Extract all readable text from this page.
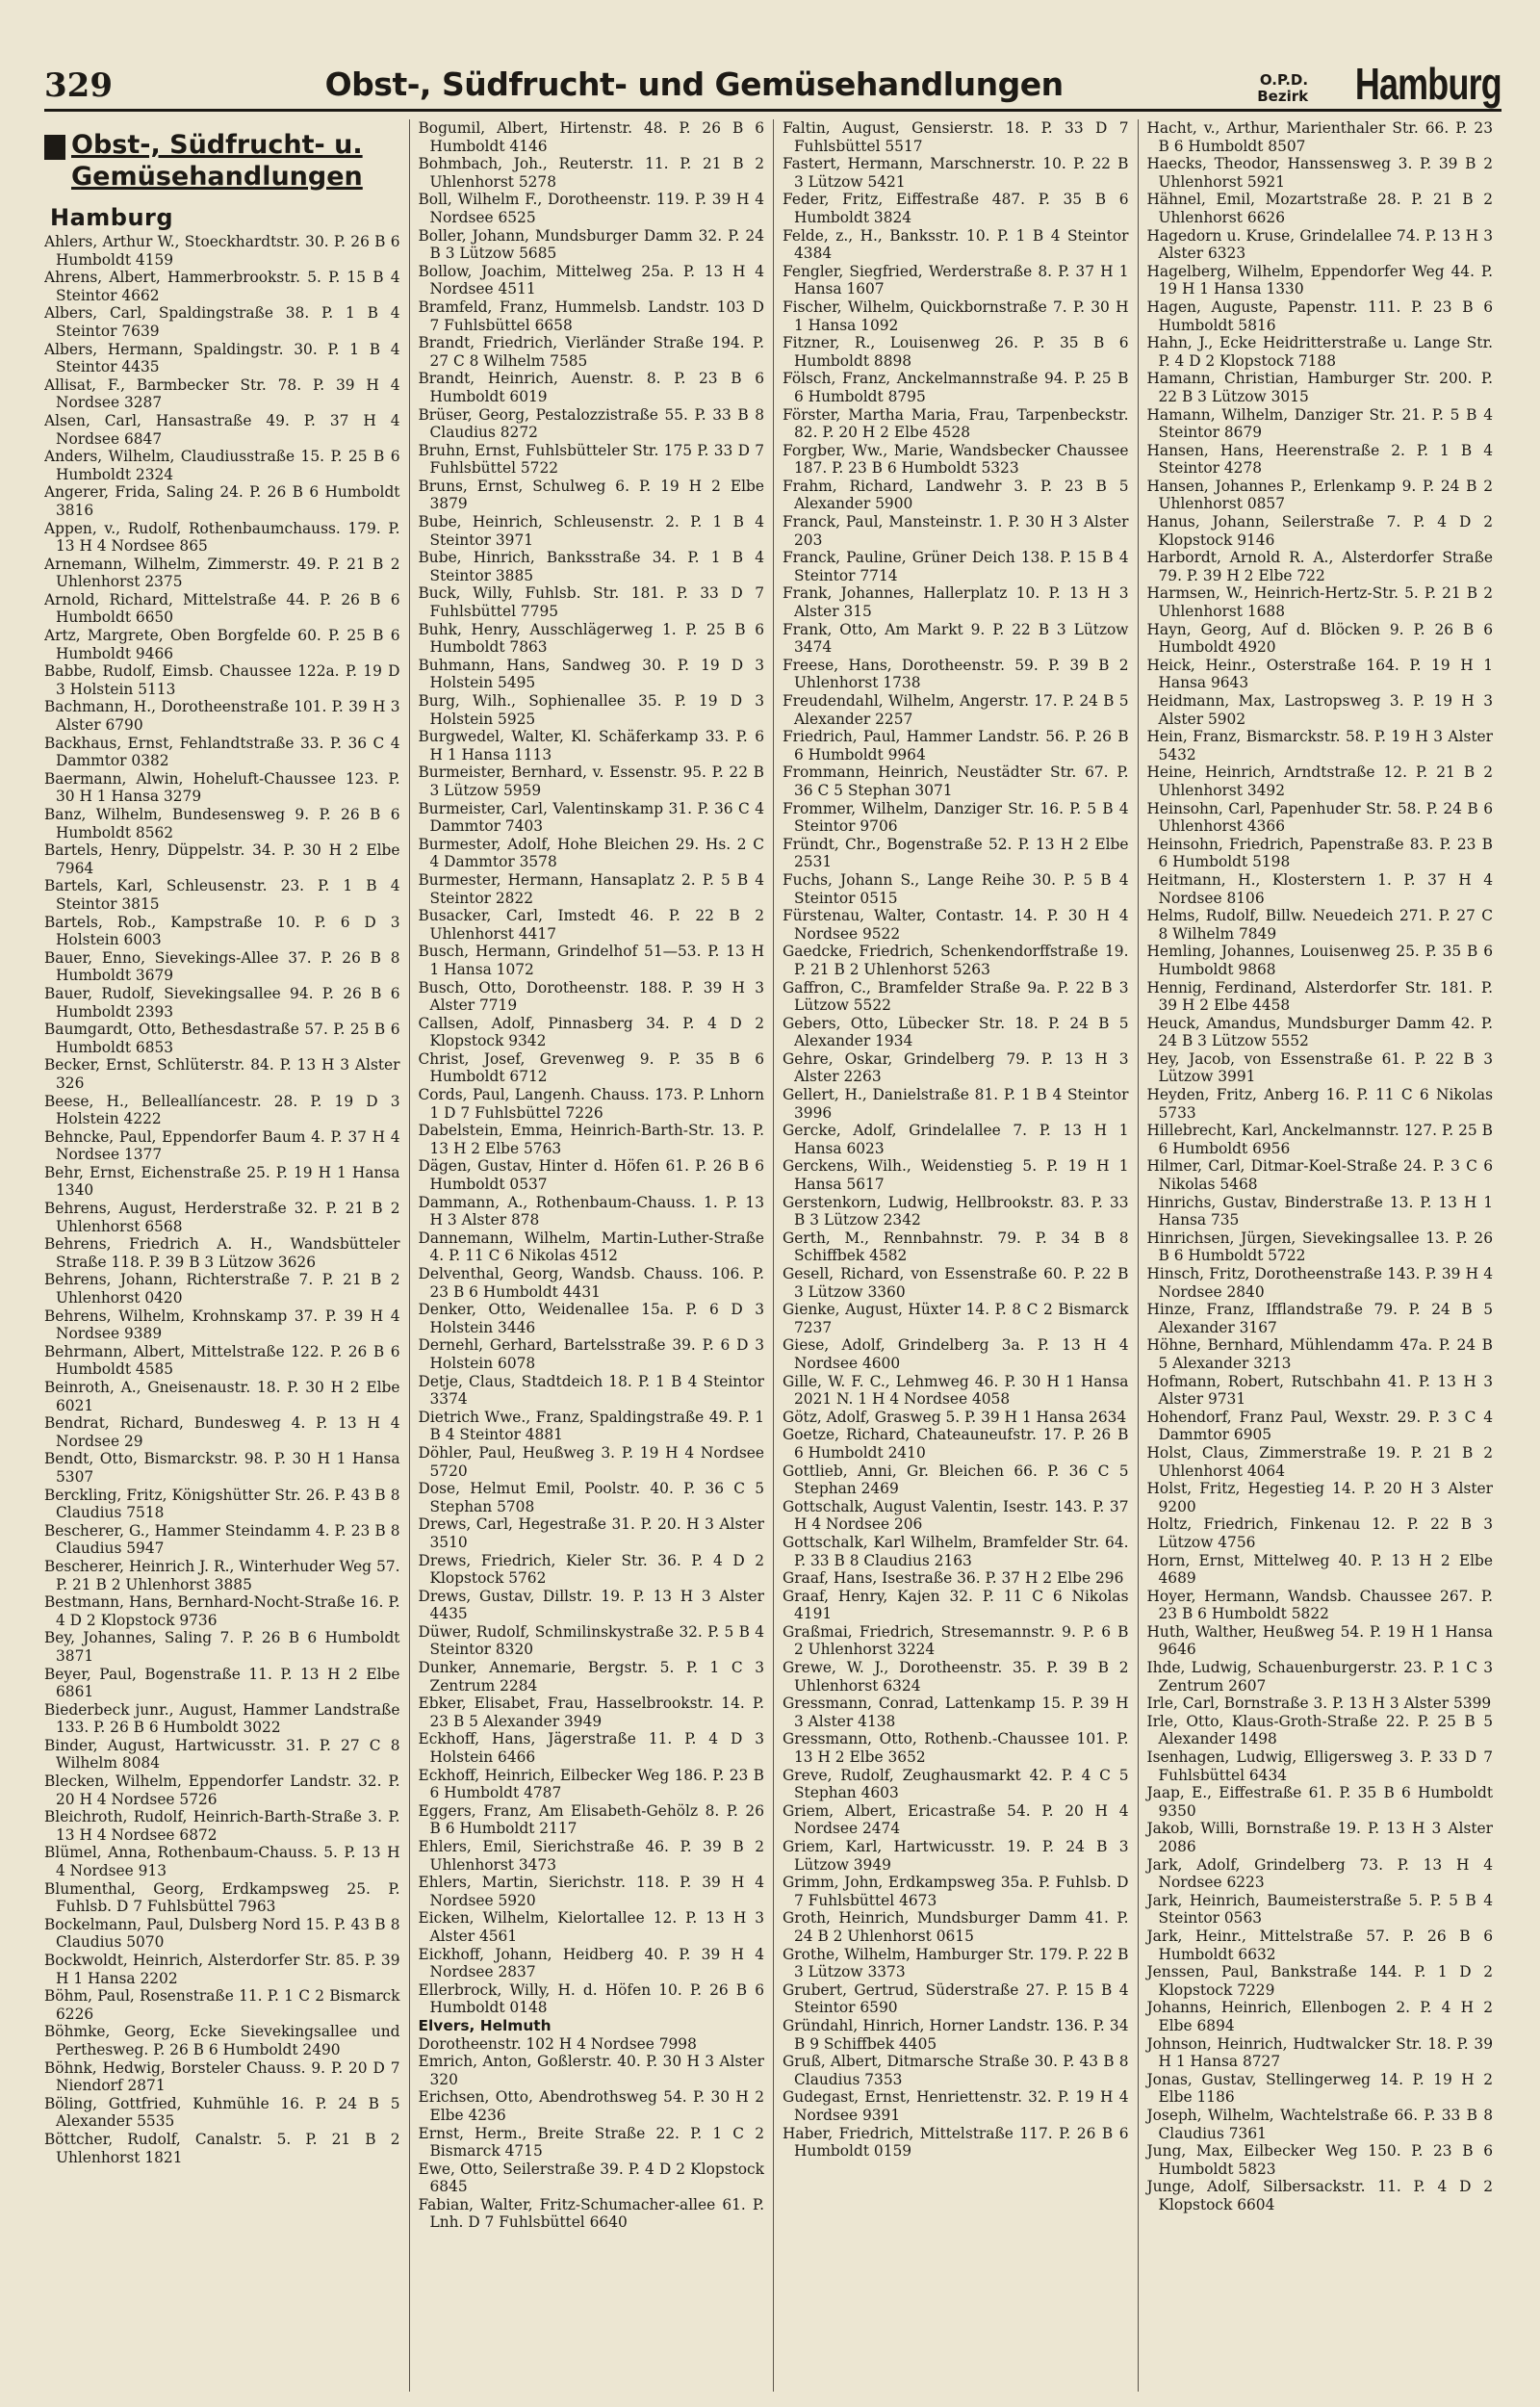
329	Obst-, Südfrucht- und Gemüsehandlungen	O.P.D.
Bezirk Hamburg
Obst-, Südfrucht- u.
Gemüsehandlungen
Hamburg

Ahlers, Arthur W., Stoeckhardtstr. 30. P. 26 B 6 Humboldt 4159

Ahrens, Albert, Hammerbrookstr. 5. P. 15 B 4 Steintor 4662

Albers, Carl, Spaldingstraße 38. P. 1 B 4 Steintor 7639

Albers, Hermann, Spaldingstr. 30. P. 1 B 4 Steintor 4435

Allisat, F., Barmbecker Str. 78. P. 39 H 4 Nordsee 3287

Alsen, Carl, Hansastraße 49. P. 37 H 4 Nordsee 6847

Anders, Wilhelm, Claudiusstraße 15. P. 25 B 6 Humboldt 2324

Angerer, Frida, Saling 24. P. 26 B 6 Humboldt 3816

Appen, v., Rudolf, Rothenbaumchauss. 179. P. 13 H 4 Nordsee 865

Arnemann, Wilhelm, Zimmerstr. 49. P. 21 B 2 Uhlenhorst 2375

Arnold, Richard, Mittelstraße 44. P. 26 B 6 Humboldt 6650

Artz, Margrete, Oben Borgfelde 60. P. 25 B 6 Humboldt 9466

Babbe, Rudolf, Eimsb. Chaussee 122a. P. 19 D 3 Holstein 5113

Bachmann, H., Dorotheenstraße 101. P. 39 H 3 Alster 6790

Backhaus, Ernst, Fehlandtstraße 33. P. 36 C 4 Dammtor 0382

Baermann, Alwin, Hoheluft-Chaussee 123. P. 30 H 1 Hansa 3279

Banz, Wilhelm, Bundesensweg 9. P. 26 B 6 Humboldt 8562

Bartels, Henry, Düppelstr. 34. P. 30 H 2 Elbe 7964

Bartels, Karl, Schleusenstr. 23. P. 1 B 4 Steintor 3815

Bartels, Rob., Kampstraße 10. P. 6 D 3 Holstein 6003

Bauer, Enno, Sievekings-Allee 37. P. 26 B 8 Humboldt 3679

Bauer, Rudolf, Sievekingsallee 94. P. 26 B 6 Humboldt 2393

Baumgardt, Otto, Bethesdastraße 57. P. 25 B 6 Humboldt 6853

Becker, Ernst, Schlüterstr. 84. P. 13 H 3 Alster 326

Beese, H., Belleallíancestr. 28. P. 19 D 3 Holstein 4222

Behncke, Paul, Eppendorfer Baum 4. P. 37 H 4 Nordsee 1377

Behr, Ernst, Eichenstraße 25. P. 19 H 1 Hansa 1340

Behrens, August, Herderstraße 32. P. 21 B 2 Uhlenhorst 6568

Behrens, Friedrich A. H., Wandsbütteler Straße 118. P. 39 B 3 Lützow 3626

Behrens, Johann, Richterstraße 7. P. 21 B 2 Uhlenhorst 0420

Behrens, Wilhelm, Krohnskamp 37. P. 39 H 4 Nordsee 9389

Behrmann, Albert, Mittelstraße 122. P. 26 B 6 Humboldt 4585

Beinroth, A., Gneisenaustr. 18. P. 30 H 2 Elbe 6021

Bendrat, Richard, Bundesweg 4. P. 13 H 4 Nordsee 29

Bendt, Otto, Bismarckstr. 98. P. 30 H 1 Hansa 5307

Berckling, Fritz, Königshütter Str. 26. P. 43 B 8 Claudius 7518

Bescherer, G., Hammer Steindamm 4. P. 23 B 8 Claudius 5947

Bescherer, Heinrich J. R., Winterhuder Weg 57. P. 21 B 2 Uhlenhorst 3885

Bestmann, Hans, Bernhard-Nocht-Straße 16. P. 4 D 2 Klopstock 9736

Bey, Johannes, Saling 7. P. 26 B 6 Humboldt 3871

Beyer, Paul, Bogenstraße 11. P. 13 H 2 Elbe 6861

Biederbeck junr., August, Hammer Landstraße 133. P. 26 B 6 Humboldt 3022

Binder, August, Hartwicusstr. 31. P. 27 C 8 Wilhelm 8084

Blecken, Wilhelm, Eppendorfer Landstr. 32. P. 20 H 4 Nordsee 5726

Bleichroth, Rudolf, Heinrich-Barth-Straße 3. P. 13 H 4 Nordsee 6872

Blümel, Anna, Rothenbaum-Chauss. 5. P. 13 H 4 Nordsee 913

Blumenthal, Georg, Erdkampsweg 25. P. Fuhlsb. D 7 Fuhlsbüttel 7963

Bockelmann, Paul, Dulsberg Nord 15. P. 43 B 8 Claudius 5070

Bockwoldt, Heinrich, Alsterdorfer Str. 85. P. 39 H 1 Hansa 2202

Böhm, Paul, Rosenstraße 11. P. 1 C 2 Bismarck 6226

Böhmke, Georg, Ecke Sievekingsallee und Perthesweg. P. 26 B 6 Humboldt 2490

Böhnk, Hedwig, Borsteler Chauss. 9. P. 20 D 7 Niendorf 2871

Böling, Gottfried, Kuhmühle 16. P. 24 B 5 Alexander 5535

Böttcher, Rudolf, Canalstr. 5. P. 21 B 2 Uhlenhorst 1821

Bogumil, Albert, Hirtenstr. 48. P. 26 B 6 Humboldt 4146

Bohmbach, Joh., Reuterstr. 11. P. 21 B 2 Uhlenhorst 5278

Boll, Wilhelm F., Dorotheenstr. 119. P. 39 H 4 Nordsee 6525

Boller, Johann, Mundsburger Damm 32. P. 24 B 3 Lützow 5685

Bollow, Joachim, Mittelweg 25a. P. 13 H 4 Nordsee 4511

Bramfeld, Franz, Hummelsb. Landstr. 103 D 7 Fuhlsbüttel 6658

Brandt, Friedrich, Vierländer Straße 194. P. 27 C 8 Wilhelm 7585

Brandt, Heinrich, Auenstr. 8. P. 23 B 6 Humboldt 6019

Brüser, Georg, Pestalozzistraße 55. P. 33 B 8 Claudius 8272

Bruhn, Ernst, Fuhlsbütteler Str. 175 P. 33 D 7 Fuhlsbüttel 5722

Bruns, Ernst, Schulweg 6. P. 19 H 2 Elbe 3879

Bube, Heinrich, Schleusenstr. 2. P. 1 B 4 Steintor 3971

Bube, Hinrich, Banksstraße 34. P. 1 B 4 Steintor 3885

Buck, Willy, Fuhlsb. Str. 181. P. 33 D 7 Fuhlsbüttel 7795

Buhk, Henry, Ausschlägerweg 1. P. 25 B 6 Humboldt 7863

Buhmann, Hans, Sandweg 30. P. 19 D 3 Holstein 5495

Burg, Wilh., Sophienallee 35. P. 19 D 3 Holstein 5925

Burgwedel, Walter, Kl. Schäferkamp 33. P. 6 H 1 Hansa 1113

Burmeister, Bernhard, v. Essenstr. 95. P. 22 B 3 Lützow 5959

Burmeister, Carl, Valentinskamp 31. P. 36 C 4 Dammtor 7403

Burmester, Adolf, Hohe Bleichen 29. Hs. 2 C 4 Dammtor 3578

Burmester, Hermann, Hansaplatz 2. P. 5 B 4 Steintor 2822

Busacker, Carl, Imstedt 46. P. 22 B 2 Uhlenhorst 4417

Busch, Hermann, Grindelhof 51—53. P. 13 H 1 Hansa 1072

Busch, Otto, Dorotheenstr. 188. P. 39 H 3 Alster 7719

Callsen, Adolf, Pinnasberg 34. P. 4 D 2 Klopstock 9342

Christ, Josef, Grevenweg 9. P. 35 B 6 Humboldt 6712

Cords, Paul, Langenh. Chauss. 173. P. Lnhorn 1 D 7 Fuhlsbüttel 7226

Dabelstein, Emma, Heinrich-Barth-Str. 13. P. 13 H 2 Elbe 5763

Dägen, Gustav, Hinter d. Höfen 61. P. 26 B 6 Humboldt 0537

Dammann, A., Rothenbaum-Chauss. 1. P. 13 H 3 Alster 878

Dannemann, Wilhelm, Martin-Luther-Straße 4. P. 11 C 6 Nikolas 4512

Delventhal, Georg, Wandsb. Chauss. 106. P. 23 B 6 Humboldt 4431

Denker, Otto, Weidenallee 15a. P. 6 D 3 Holstein 3446

Dernehl, Gerhard, Bartelsstraße 39. P. 6 D 3 Holstein 6078

Detje, Claus, Stadtdeich 18. P. 1 B 4 Steintor 3374

Dietrich Wwe., Franz, Spaldingstraße 49. P. 1 B 4 Steintor 4881

Döhler, Paul, Heußweg 3. P. 19 H 4 Nordsee 5720

Dose, Helmut Emil, Poolstr. 40. P. 36 C 5 Stephan 5708

Drews, Carl, Hegestraße 31. P. 20. H 3 Alster 3510

Drews, Friedrich, Kieler Str. 36. P. 4 D 2 Klopstock 5762

Drews, Gustav, Dillstr. 19. P. 13 H 3 Alster 4435

Düwer, Rudolf, Schmilinskystraße 32. P. 5 B 4 Steintor 8320

Dunker, Annemarie, Bergstr. 5. P. 1 C 3 Zentrum 2284

Ebker, Elisabet, Frau, Hasselbrookstr. 14. P. 23 B 5 Alexander 3949

Eckhoff, Hans, Jägerstraße 11. P. 4 D 3 Holstein 6466

Eckhoff, Heinrich, Eilbecker Weg 186. P. 23 B 6 Humboldt 4787

Eggers, Franz, Am Elisabeth-Gehölz 8. P. 26 B 6 Humboldt 2117

Ehlers, Emil, Sierichstraße 46. P. 39 B 2 Uhlenhorst 3473

Ehlers, Martin, Sierichstr. 118. P. 39 H 4 Nordsee 5920

Eicken, Wilhelm, Kielortallee 12. P. 13 H 3 Alster 4561

Eickhoff, Johann, Heidberg 40. P. 39 H 4 Nordsee 2837

Ellerbrock, Willy, H. d. Höfen 10. P. 26 B 6 Humboldt 0148

Elvers, Helmuth

Dorotheenstr. 102 H 4 Nordsee 7998

Emrich, Anton, Goßlerstr. 40. P. 30 H 3 Alster 320

Erichsen, Otto, Abendrothsweg 54. P. 30 H 2 Elbe 4236

Ernst, Herm., Breite Straße 22. P. 1 C 2 Bismarck 4715

Ewe, Otto, Seilerstraße 39. P. 4 D 2 Klopstock 6845

Fabian, Walter, Fritz-Schumacher-allee 61. P. Lnh. D 7 Fuhlsbüttel 6640

Faltin, August, Gensierstr. 18. P. 33 D 7 Fuhlsbüttel 5517

Fastert, Hermann, Marschnerstr. 10. P. 22 B 3 Lützow 5421

Feder, Fritz, Eiffestraße 487. P. 35 B 6 Humboldt 3824

Felde, z., H., Banksstr. 10. P. 1 B 4 Steintor 4384

Fengler, Siegfried, Werderstraße 8. P. 37 H 1 Hansa 1607

Fischer, Wilhelm, Quickbornstraße 7. P. 30 H 1 Hansa 1092

Fitzner, R., Louisenweg 26. P. 35 B 6 Humboldt 8898

Fölsch, Franz, Anckelmannstraße 94. P. 25 B 6 Humboldt 8795

Förster, Martha Maria, Frau, Tarpenbeckstr. 82. P. 20 H 2 Elbe 4528

Forgber, Ww., Marie, Wandsbecker Chaussee 187. P. 23 B 6 Humboldt 5323

Frahm, Richard, Landwehr 3. P. 23 B 5 Alexander 5900

Franck, Paul, Mansteinstr. 1. P. 30 H 3 Alster 203

Franck, Pauline, Grüner Deich 138. P. 15 B 4 Steintor 7714

Frank, Johannes, Hallerplatz 10. P. 13 H 3 Alster 315

Frank, Otto, Am Markt 9. P. 22 B 3 Lützow 3474

Freese, Hans, Dorotheenstr. 59. P. 39 B 2 Uhlenhorst 1738

Freudendahl, Wilhelm, Angerstr. 17. P. 24 B 5 Alexander 2257

Friedrich, Paul, Hammer Landstr. 56. P. 26 B 6 Humboldt 9964

Frommann, Heinrich, Neustädter Str. 67. P. 36 C 5 Stephan 3071

Frommer, Wilhelm, Danziger Str. 16. P. 5 B 4 Steintor 9706

Fründt, Chr., Bogenstraße 52. P. 13 H 2 Elbe 2531

Fuchs, Johann S., Lange Reihe 30. P. 5 B 4 Steintor 0515

Fürstenau, Walter, Contastr. 14. P. 30 H 4 Nordsee 9522

Gaedcke, Friedrich, Schenkendorffstraße 19. P. 21 B 2 Uhlenhorst 5263

Gaffron, C., Bramfelder Straße 9a. P. 22 B 3 Lützow 5522

Gebers, Otto, Lübecker Str. 18. P. 24 B 5 Alexander 1934

Gehre, Oskar, Grindelberg 79. P. 13 H 3 Alster 2263

Gellert, H., Danielstraße 81. P. 1 B 4 Steintor 3996

Gercke, Adolf, Grindelallee 7. P. 13 H 1 Hansa 6023

Gerckens, Wilh., Weidenstieg 5. P. 19 H 1 Hansa 5617

Gerstenkorn, Ludwig, Hellbrookstr. 83. P. 33 B 3 Lützow 2342

Gerth, M., Rennbahnstr. 79. P. 34 B 8 Schiffbek 4582

Gesell, Richard, von Essenstraße 60. P. 22 B 3 Lützow 3360

Gienke, August, Hüxter 14. P. 8 C 2 Bismarck 7237

Giese, Adolf, Grindelberg 3a. P. 13 H 4 Nordsee 4600

Gille, W. F. C., Lehmweg 46. P. 30 H 1 Hansa 2021 N. 1 H 4 Nordsee 4058

Götz, Adolf, Grasweg 5. P. 39 H 1 Hansa 2634

Goetze, Richard, Chateauneufstr. 17. P. 26 B 6 Humboldt 2410

Gottlieb, Anni, Gr. Bleichen 66. P. 36 C 5 Stephan 2469

Gottschalk, August Valentin, Isestr. 143. P. 37 H 4 Nordsee 206

Gottschalk, Karl Wilhelm, Bramfelder Str. 64. P. 33 B 8 Claudius 2163

Graaf, Hans, Isestraße 36. P. 37 H 2 Elbe 296

Graaf, Henry, Kajen 32. P. 11 C 6 Nikolas 4191

Graßmai, Friedrich, Stresemannstr. 9. P. 6 B 2 Uhlenhorst 3224

Grewe, W. J., Dorotheenstr. 35. P. 39 B 2 Uhlenhorst 6324

Gressmann, Conrad, Lattenkamp 15. P. 39 H 3 Alster 4138

Gressmann, Otto, Rothenb.-Chaussee 101. P. 13 H 2 Elbe 3652

Greve, Rudolf, Zeughausmarkt 42. P. 4 C 5 Stephan 4603

Griem, Albert, Ericastraße 54. P. 20 H 4 Nordsee 2474

Griem, Karl, Hartwicusstr. 19. P. 24 B 3 Lützow 3949

Grimm, John, Erdkampsweg 35a. P. Fuhlsb. D 7 Fuhlsbüttel 4673

Groth, Heinrich, Mundsburger Damm 41. P. 24 B 2 Uhlenhorst 0615

Grothe, Wilhelm, Hamburger Str. 179. P. 22 B 3 Lützow 3373

Grubert, Gertrud, Süderstraße 27. P. 15 B 4 Steintor 6590

Gründahl, Hinrich, Horner Landstr. 136. P. 34 B 9 Schiffbek 4405

Gruß, Albert, Ditmarsche Straße 30. P. 43 B 8 Claudius 7353

Gudegast, Ernst, Henriettenstr. 32. P. 19 H 4 Nordsee 9391

Haber, Friedrich, Mittelstraße 117. P. 26 B 6 Humboldt 0159

Hacht, v., Arthur, Marienthaler Str. 66. P. 23 B 6 Humboldt 8507

Haecks, Theodor, Hanssensweg 3. P. 39 B 2 Uhlenhorst 5921

Hähnel, Emil, Mozartstraße 28. P. 21 B 2 Uhlenhorst 6626

Hagedorn u. Kruse, Grindelallee 74. P. 13 H 3 Alster 6323

Hagelberg, Wilhelm, Eppendorfer Weg 44. P. 19 H 1 Hansa 1330

Hagen, Auguste, Papenstr. 111. P. 23 B 6 Humboldt 5816

Hahn, J., Ecke Heidritterstraße u. Lange Str. P. 4 D 2 Klopstock 7188

Hamann, Christian, Hamburger Str. 200. P. 22 B 3 Lützow 3015

Hamann, Wilhelm, Danziger Str. 21. P. 5 B 4 Steintor 8679

Hansen, Hans, Heerenstraße 2. P. 1 B 4 Steintor 4278

Hansen, Johannes P., Erlenkamp 9. P. 24 B 2 Uhlenhorst 0857

Hanus, Johann, Seilerstraße 7. P. 4 D 2 Klopstock 9146

Harbordt, Arnold R. A., Alsterdorfer Straße 79. P. 39 H 2 Elbe 722

Harmsen, W., Heinrich-Hertz-Str. 5. P. 21 B 2 Uhlenhorst 1688

Hayn, Georg, Auf d. Blöcken 9. P. 26 B 6 Humboldt 4920

Heick, Heinr., Osterstraße 164. P. 19 H 1 Hansa 9643

Heidmann, Max, Lastropsweg 3. P. 19 H 3 Alster 5902

Hein, Franz, Bismarckstr. 58. P. 19 H 3 Alster 5432

Heine, Heinrich, Arndtstraße 12. P. 21 B 2 Uhlenhorst 3492

Heinsohn, Carl, Papenhuder Str. 58. P. 24 B 6 Uhlenhorst 4366

Heinsohn, Friedrich, Papenstraße 83. P. 23 B 6 Humboldt 5198

Heitmann, H., Klosterstern 1. P. 37 H 4 Nordsee 8106

Helms, Rudolf, Billw. Neuedeich 271. P. 27 C 8 Wilhelm 7849

Hemling, Johannes, Louisenweg 25. P. 35 B 6 Humboldt 9868

Hennig, Ferdinand, Alsterdorfer Str. 181. P. 39 H 2 Elbe 4458

Heuck, Amandus, Mundsburger Damm 42. P. 24 B 3 Lützow 5552

Hey, Jacob, von Essenstraße 61. P. 22 B 3 Lützow 3991

Heyden, Fritz, Anberg 16. P. 11 C 6 Nikolas 5733

Hillebrecht, Karl, Anckelmannstr. 127. P. 25 B 6 Humboldt 6956

Hilmer, Carl, Ditmar-Koel-Straße 24. P. 3 C 6 Nikolas 5468

Hinrichs, Gustav, Binderstraße 13. P. 13 H 1 Hansa 735

Hinrichsen, Jürgen, Sievekingsallee 13. P. 26 B 6 Humboldt 5722

Hinsch, Fritz, Dorotheenstraße 143. P. 39 H 4 Nordsee 2840

Hinze, Franz, Ifflandstraße 79. P. 24 B 5 Alexander 3167

Höhne, Bernhard, Mühlendamm 47a. P. 24 B 5 Alexander 3213

Hofmann, Robert, Rutschbahn 41. P. 13 H 3 Alster 9731

Hohendorf, Franz Paul, Wexstr. 29. P. 3 C 4 Dammtor 6905

Holst, Claus, Zimmerstraße 19. P. 21 B 2 Uhlenhorst 4064

Holst, Fritz, Hegestieg 14. P. 20 H 3 Alster 9200

Holtz, Friedrich, Finkenau 12. P. 22 B 3 Lützow 4756

Horn, Ernst, Mittelweg 40. P. 13 H 2 Elbe 4689

Hoyer, Hermann, Wandsb. Chaussee 267. P. 23 B 6 Humboldt 5822

Huth, Walther, Heußweg 54. P. 19 H 1 Hansa 9646

Ihde, Ludwig, Schauenburgerstr. 23. P. 1 C 3 Zentrum 2607

Irle, Carl, Bornstraße 3. P. 13 H 3 Alster 5399

Irle, Otto, Klaus-Groth-Straße 22. P. 25 B 5 Alexander 1498

Isenhagen, Ludwig, Elligersweg 3. P. 33 D 7 Fuhlsbüttel 6434

Jaap, E., Eiffestraße 61. P. 35 B 6 Humboldt 9350

Jakob, Willi, Bornstraße 19. P. 13 H 3 Alster 2086

Jark, Adolf, Grindelberg 73. P. 13 H 4 Nordsee 6223

Jark, Heinrich, Baumeisterstraße 5. P. 5 B 4 Steintor 0563

Jark, Heinr., Mittelstraße 57. P. 26 B 6 Humboldt 6632

Jenssen, Paul, Bankstraße 144. P. 1 D 2 Klopstock 7229

Johanns, Heinrich, Ellenbogen 2. P. 4 H 2 Elbe 6894

Johnson, Heinrich, Hudtwalcker Str. 18. P. 39 H 1 Hansa 8727

Jonas, Gustav, Stellingerweg 14. P. 19 H 2 Elbe 1186

Joseph, Wilhelm, Wachtelstraße 66. P. 33 B 8 Claudius 7361

Jung, Max, Eilbecker Weg 150. P. 23 B 6 Humboldt 5823

Junge, Adolf, Silbersackstr. 11. P. 4 D 2 Klopstock 6604
